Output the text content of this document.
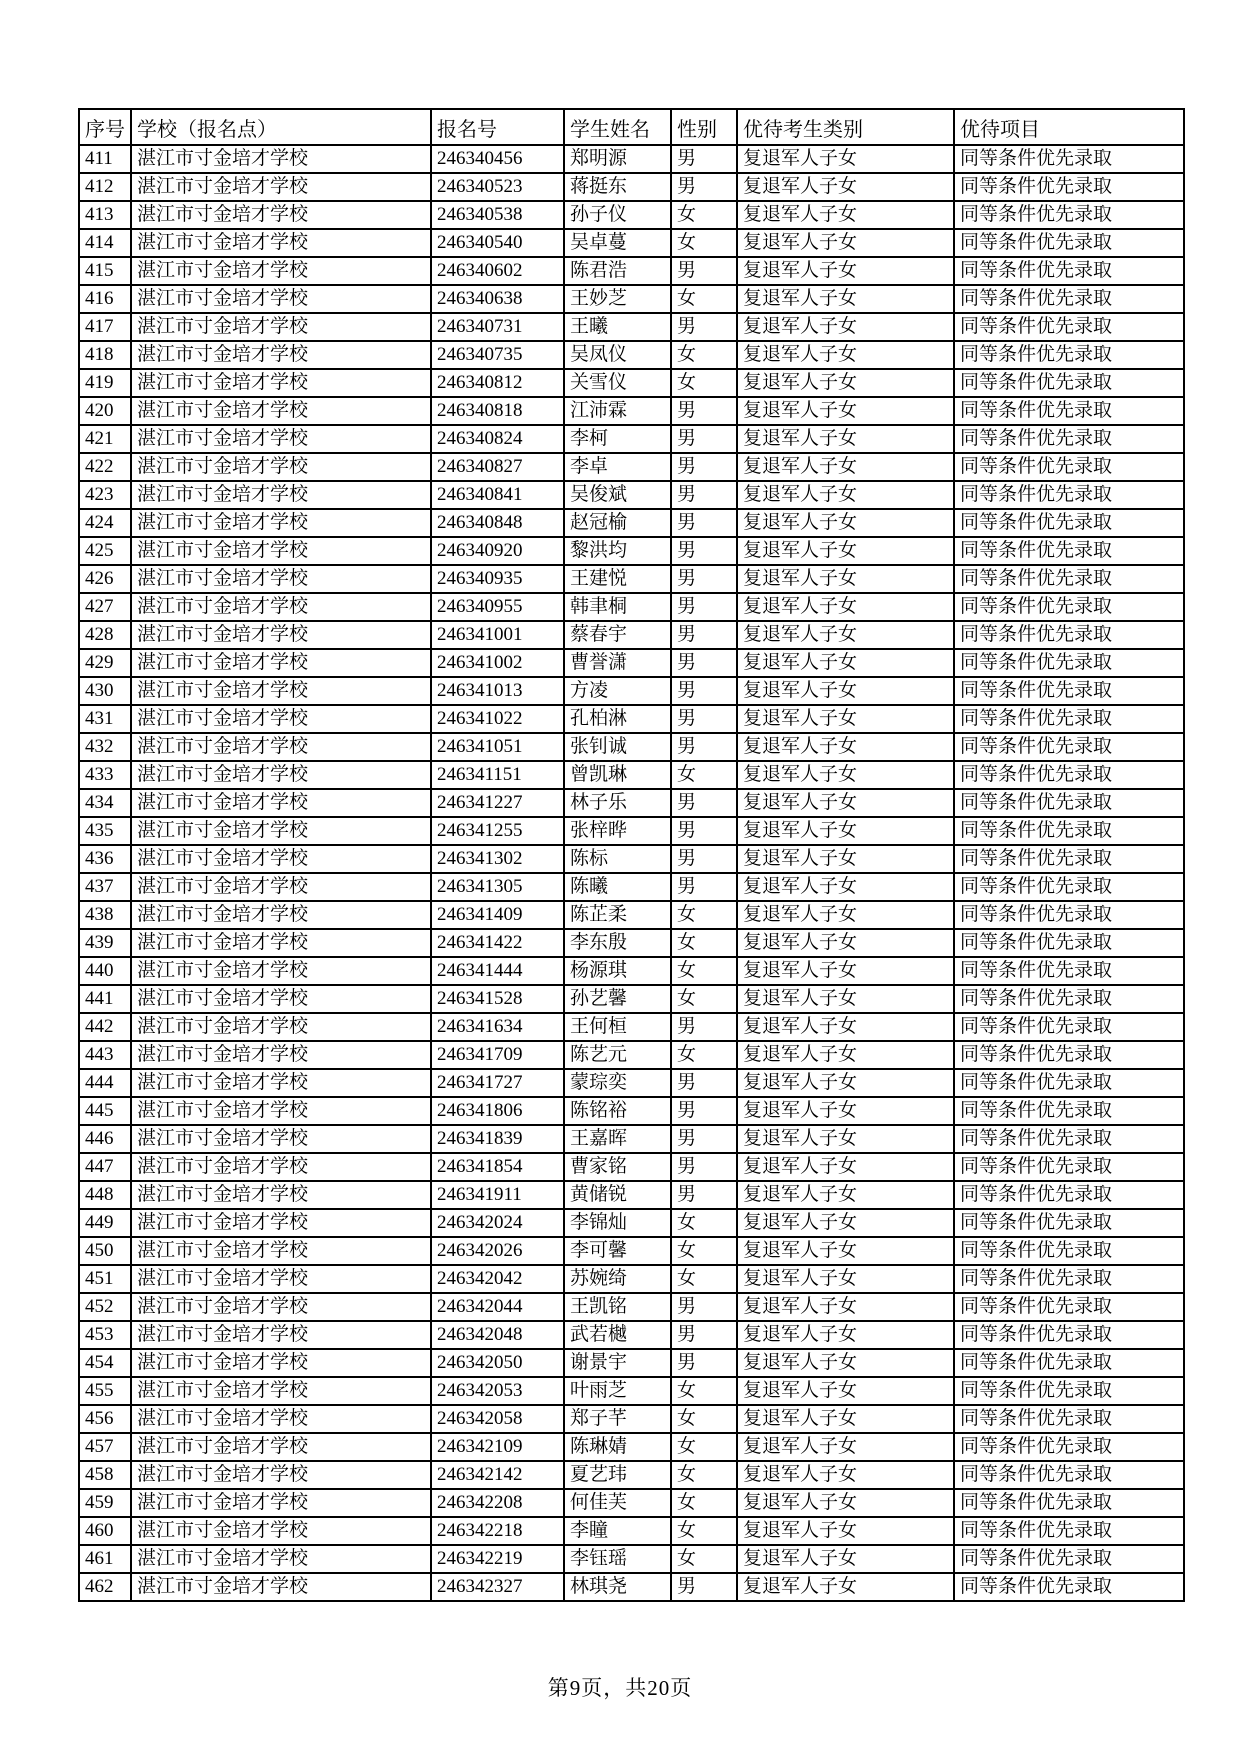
序号	学校（报名点）	报名号	学生姓名	性别	优待考生类别	优待项目
411	湛江市寸金培才学校	246340456	郑明源	男	复退军人子女	同等条件优先录取
412	湛江市寸金培才学校	246340523	蒋挺东	男	复退军人子女	同等条件优先录取
413	湛江市寸金培才学校	246340538	孙子仪	女	复退军人子女	同等条件优先录取
414	湛江市寸金培才学校	246340540	吴卓蔓	女	复退军人子女	同等条件优先录取
415	湛江市寸金培才学校	246340602	陈君浩	男	复退军人子女	同等条件优先录取
416	湛江市寸金培才学校	246340638	王妙芝	女	复退军人子女	同等条件优先录取
417	湛江市寸金培才学校	246340731	王曦	男	复退军人子女	同等条件优先录取
418	湛江市寸金培才学校	246340735	吴凤仪	女	复退军人子女	同等条件优先录取
419	湛江市寸金培才学校	246340812	关雪仪	女	复退军人子女	同等条件优先录取
420	湛江市寸金培才学校	246340818	江沛霖	男	复退军人子女	同等条件优先录取
421	湛江市寸金培才学校	246340824	李柯	男	复退军人子女	同等条件优先录取
422	湛江市寸金培才学校	246340827	李卓	男	复退军人子女	同等条件优先录取
423	湛江市寸金培才学校	246340841	吴俊斌	男	复退军人子女	同等条件优先录取
424	湛江市寸金培才学校	246340848	赵冠榆	男	复退军人子女	同等条件优先录取
425	湛江市寸金培才学校	246340920	黎洪均	男	复退军人子女	同等条件优先录取
426	湛江市寸金培才学校	246340935	王建悦	男	复退军人子女	同等条件优先录取
427	湛江市寸金培才学校	246340955	韩聿桐	男	复退军人子女	同等条件优先录取
428	湛江市寸金培才学校	246341001	蔡春宇	男	复退军人子女	同等条件优先录取
429	湛江市寸金培才学校	246341002	曹誉潇	男	复退军人子女	同等条件优先录取
430	湛江市寸金培才学校	246341013	方凌	男	复退军人子女	同等条件优先录取
431	湛江市寸金培才学校	246341022	孔柏淋	男	复退军人子女	同等条件优先录取
432	湛江市寸金培才学校	246341051	张钊诚	男	复退军人子女	同等条件优先录取
433	湛江市寸金培才学校	246341151	曾凯琳	女	复退军人子女	同等条件优先录取
434	湛江市寸金培才学校	246341227	林子乐	男	复退军人子女	同等条件优先录取
435	湛江市寸金培才学校	246341255	张梓晔	男	复退军人子女	同等条件优先录取
436	湛江市寸金培才学校	246341302	陈标	男	复退军人子女	同等条件优先录取
437	湛江市寸金培才学校	246341305	陈曦	男	复退军人子女	同等条件优先录取
438	湛江市寸金培才学校	246341409	陈芷柔	女	复退军人子女	同等条件优先录取
439	湛江市寸金培才学校	246341422	李东殷	女	复退军人子女	同等条件优先录取
440	湛江市寸金培才学校	246341444	杨源琪	女	复退军人子女	同等条件优先录取
441	湛江市寸金培才学校	246341528	孙艺馨	女	复退军人子女	同等条件优先录取
442	湛江市寸金培才学校	246341634	王何桓	男	复退军人子女	同等条件优先录取
443	湛江市寸金培才学校	246341709	陈艺元	女	复退军人子女	同等条件优先录取
444	湛江市寸金培才学校	246341727	蒙琮奕	男	复退军人子女	同等条件优先录取
445	湛江市寸金培才学校	246341806	陈铭裕	男	复退军人子女	同等条件优先录取
446	湛江市寸金培才学校	246341839	王嘉晖	男	复退军人子女	同等条件优先录取
447	湛江市寸金培才学校	246341854	曹家铭	男	复退军人子女	同等条件优先录取
448	湛江市寸金培才学校	246341911	黄储锐	男	复退军人子女	同等条件优先录取
449	湛江市寸金培才学校	246342024	李锦灿	女	复退军人子女	同等条件优先录取
450	湛江市寸金培才学校	246342026	李可馨	女	复退军人子女	同等条件优先录取
451	湛江市寸金培才学校	246342042	苏婉绮	女	复退军人子女	同等条件优先录取
452	湛江市寸金培才学校	246342044	王凯铭	男	复退军人子女	同等条件优先录取
453	湛江市寸金培才学校	246342048	武若樾	男	复退军人子女	同等条件优先录取
454	湛江市寸金培才学校	246342050	谢景宇	男	复退军人子女	同等条件优先录取
455	湛江市寸金培才学校	246342053	叶雨芝	女	复退军人子女	同等条件优先录取
456	湛江市寸金培才学校	246342058	郑子芊	女	复退军人子女	同等条件优先录取
457	湛江市寸金培才学校	246342109	陈琳婧	女	复退军人子女	同等条件优先录取
458	湛江市寸金培才学校	246342142	夏艺玮	女	复退军人子女	同等条件优先录取
459	湛江市寸金培才学校	246342208	何佳芙	女	复退军人子女	同等条件优先录取
460	湛江市寸金培才学校	246342218	李瞳	女	复退军人子女	同等条件优先录取
461	湛江市寸金培才学校	246342219	李钰瑶	女	复退军人子女	同等条件优先录取
462	湛江市寸金培才学校	246342327	林琪尧	男	复退军人子女	同等条件优先录取
第9页，共20页
